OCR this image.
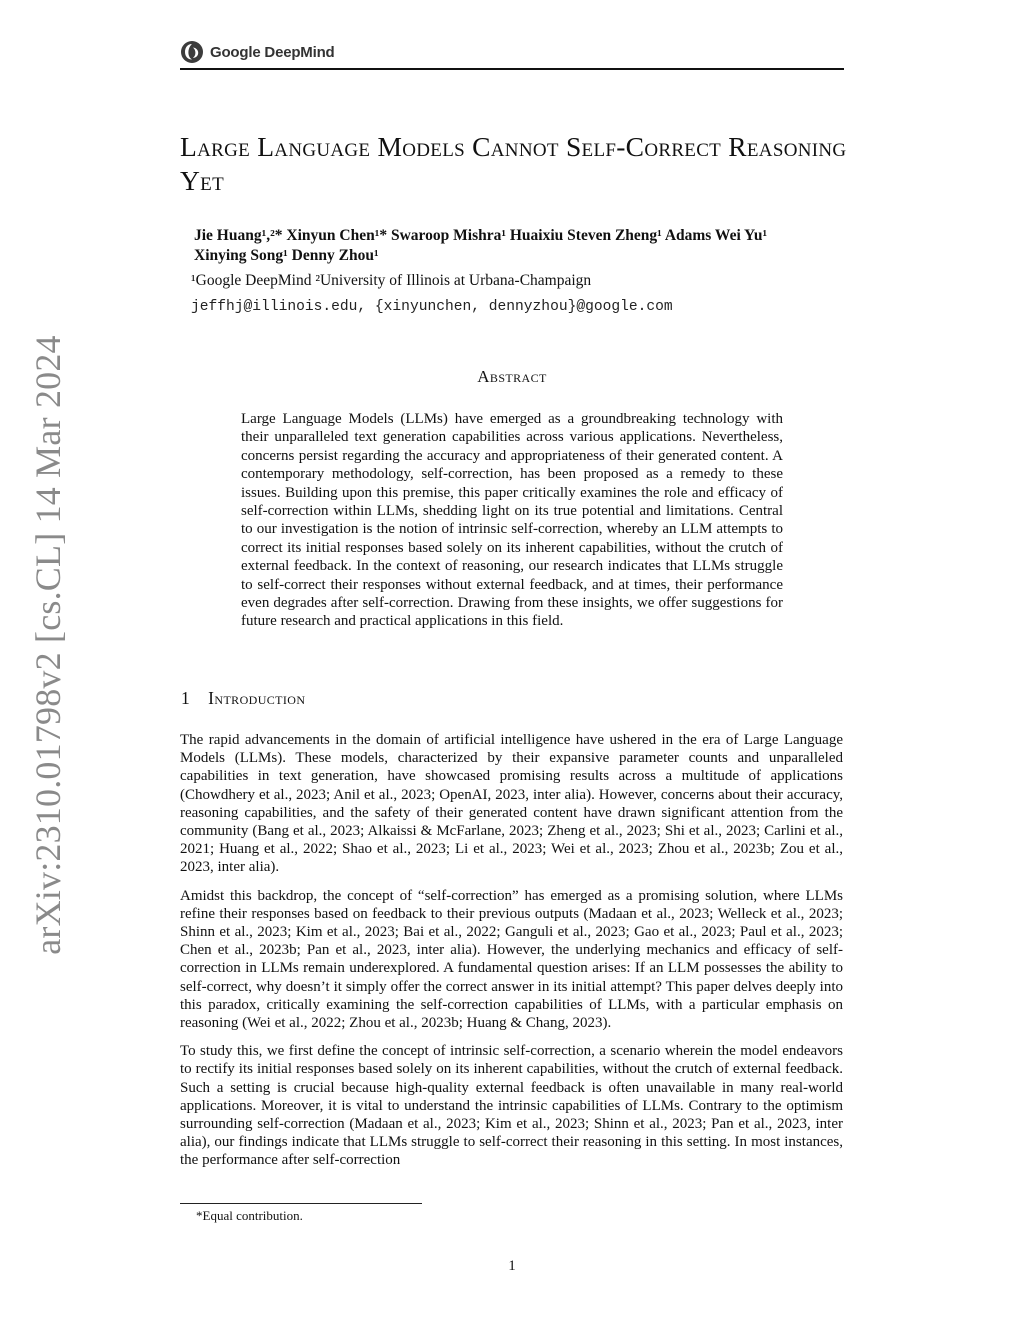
arXiv:2310.01798v2 [cs.CL] 14 Mar 2024
Google DeepMind
Large Language Models Cannot Self-Correct Reasoning Yet
Jie Huang¹,²* Xinyun Chen¹* Swaroop Mishra¹ Huaixiu Steven Zheng¹ Adams Wei Yu¹
Xinying Song¹ Denny Zhou¹
¹Google DeepMind ²University of Illinois at Urbana-Champaign
jeffhj@illinois.edu, {xinyunchen, dennyzhou}@google.com
Abstract
Large Language Models (LLMs) have emerged as a groundbreaking technology with their unparalleled text generation capabilities across various applications. Nevertheless, concerns persist regarding the accuracy and appropriateness of their generated content. A contemporary methodology, self-correction, has been proposed as a remedy to these issues. Building upon this premise, this paper critically examines the role and efficacy of self-correction within LLMs, shedding light on its true potential and limitations. Central to our investigation is the notion of intrinsic self-correction, whereby an LLM attempts to correct its initial responses based solely on its inherent capabilities, without the crutch of external feedback. In the context of reasoning, our research indicates that LLMs struggle to self-correct their responses without external feedback, and at times, their performance even degrades after self-correction. Drawing from these insights, we offer suggestions for future research and practical applications in this field.
1 Introduction

The rapid advancements in the domain of artificial intelligence have ushered in the era of Large Language Models (LLMs). These models, characterized by their expansive parameter counts and unparalleled capabilities in text generation, have showcased promising results across a multitude of applications (Chowdhery et al., 2023; Anil et al., 2023; OpenAI, 2023, inter alia). However, concerns about their accuracy, reasoning capabilities, and the safety of their generated content have drawn significant attention from the community (Bang et al., 2023; Alkaissi & McFarlane, 2023; Zheng et al., 2023; Shi et al., 2023; Carlini et al., 2021; Huang et al., 2022; Shao et al., 2023; Li et al., 2023; Wei et al., 2023; Zhou et al., 2023b; Zou et al., 2023, inter alia).

Amidst this backdrop, the concept of “self-correction” has emerged as a promising solution, where LLMs refine their responses based on feedback to their previous outputs (Madaan et al., 2023; Welleck et al., 2023; Shinn et al., 2023; Kim et al., 2023; Bai et al., 2022; Ganguli et al., 2023; Gao et al., 2023; Paul et al., 2023; Chen et al., 2023b; Pan et al., 2023, inter alia). However, the underlying mechanics and efficacy of self-correction in LLMs remain underexplored. A fundamental question arises: If an LLM possesses the ability to self-correct, why doesn’t it simply offer the correct answer in its initial attempt? This paper delves deeply into this paradox, critically examining the self-correction capabilities of LLMs, with a particular emphasis on reasoning (Wei et al., 2022; Zhou et al., 2023b; Huang & Chang, 2023).

To study this, we first define the concept of intrinsic self-correction, a scenario wherein the model endeavors to rectify its initial responses based solely on its inherent capabilities, without the crutch of external feedback. Such a setting is crucial because high-quality external feedback is often unavailable in many real-world applications. Moreover, it is vital to understand the intrinsic capabilities of LLMs. Contrary to the optimism surrounding self-correction (Madaan et al., 2023; Kim et al., 2023; Shinn et al., 2023; Pan et al., 2023, inter alia), our findings indicate that LLMs struggle to self-correct their reasoning in this setting. In most instances, the performance after self-correction

*Equal contribution.
1
